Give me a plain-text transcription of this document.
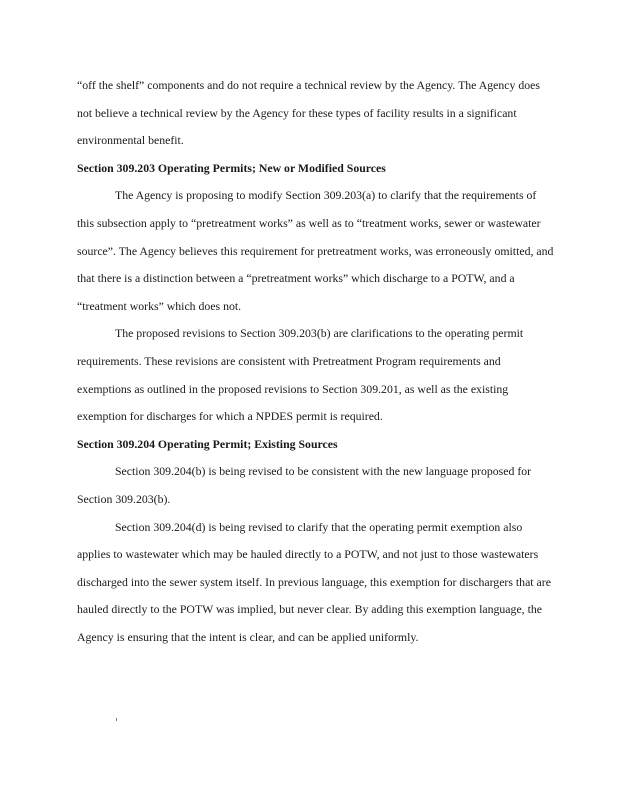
“off the shelf” components and do not require a technical review by the Agency. The Agency does not believe a technical review by the Agency for these types of facility results in a significant environmental benefit.

Section 309.203 Operating Permits; New or Modified Sources

The Agency is proposing to modify Section 309.203(a) to clarify that the requirements of this subsection apply to “pretreatment works” as well as to “treatment works, sewer or wastewater source”. The Agency believes this requirement for pretreatment works, was erroneously omitted, and that there is a distinction between a “pretreatment works” which discharge to a POTW, and a “treatment works” which does not.

The proposed revisions to Section 309.203(b) are clarifications to the operating permit requirements. These revisions are consistent with Pretreatment Program requirements and exemptions as outlined in the proposed revisions to Section 309.201, as well as the existing exemption for discharges for which a NPDES permit is required.

Section 309.204 Operating Permit; Existing Sources

Section 309.204(b) is being revised to be consistent with the new language proposed for Section 309.203(b).

Section 309.204(d) is being revised to clarify that the operating permit exemption also applies to wastewater which may be hauled directly to a POTW, and not just to those wastewaters discharged into the sewer system itself. In previous language, this exemption for dischargers that are hauled directly to the POTW was implied, but never clear. By adding this exemption language, the Agency is ensuring that the intent is clear, and can be applied uniformly.
